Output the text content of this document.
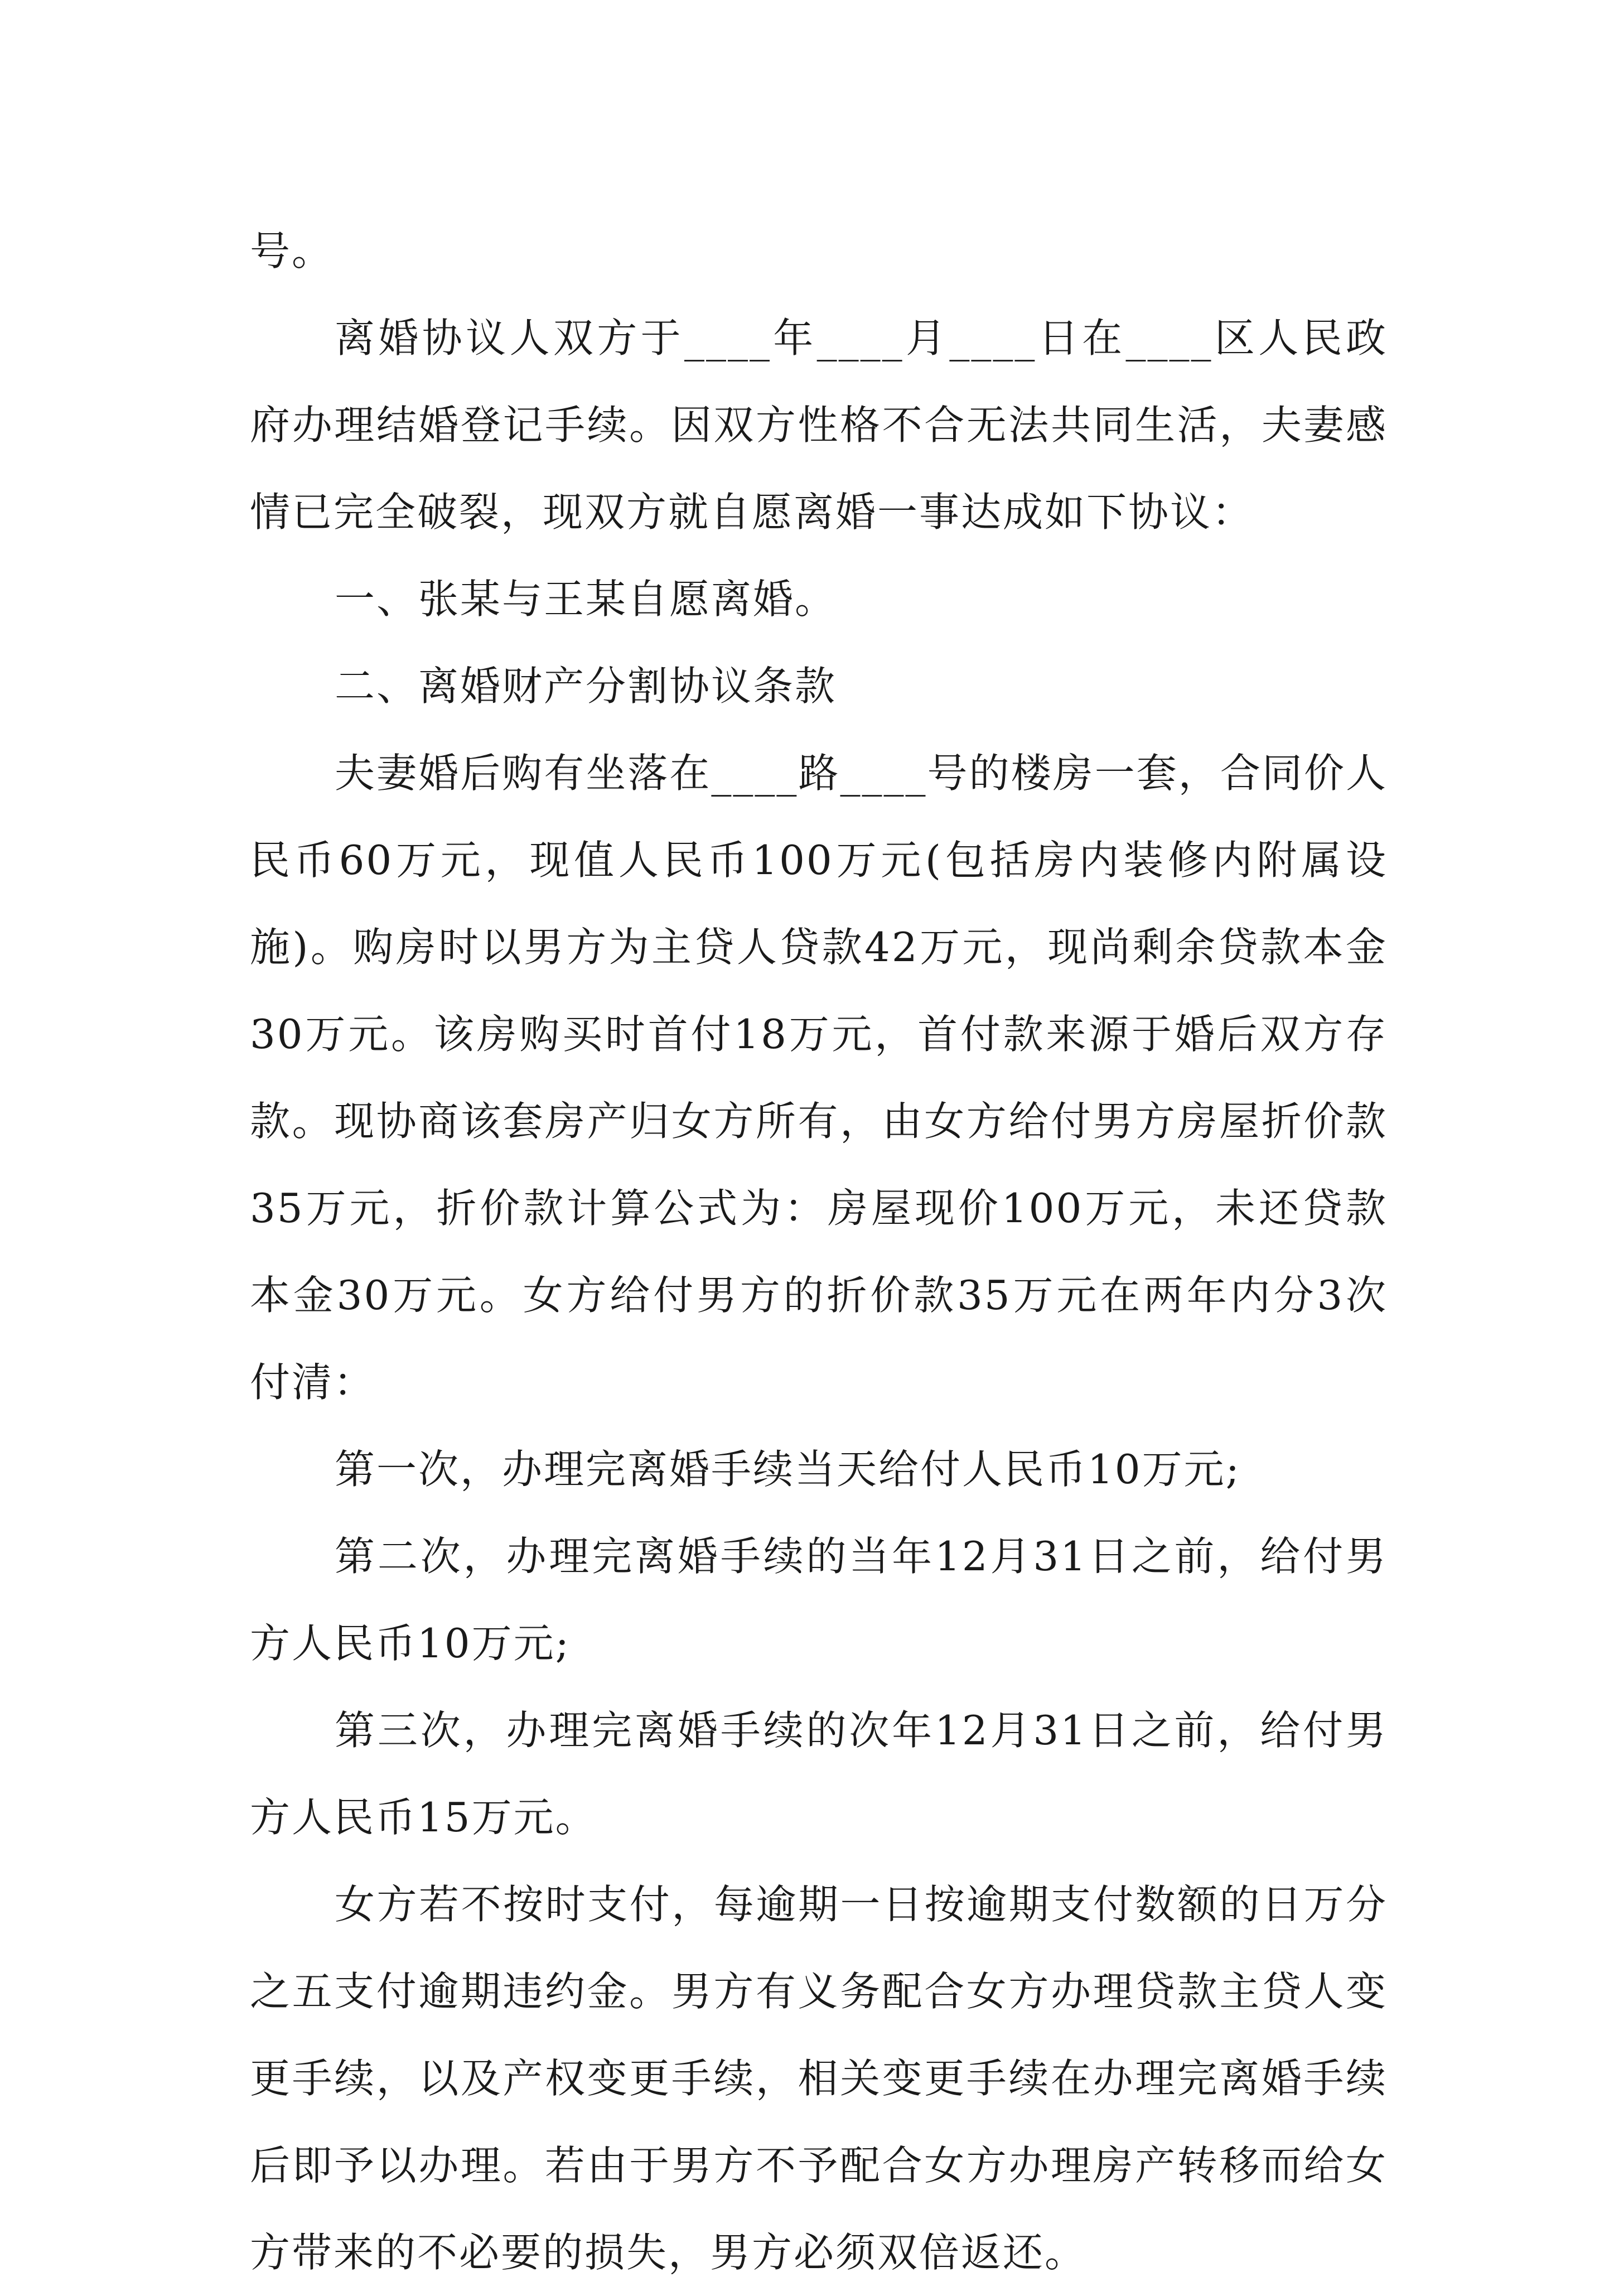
号。

离婚协议人双方于____年____月____日在____区人民政府办理结婚登记手续。因双方性格不合无法共同生活，夫妻感情已完全破裂，现双方就自愿离婚一事达成如下协议：

一、张某与王某自愿离婚。

二、离婚财产分割协议条款

夫妻婚后购有坐落在____路____号的楼房一套，合同价人民币60万元，现值人民币100万元(包括房内装修内附属设施)。购房时以男方为主贷人贷款42万元，现尚剩余贷款本金30万元。该房购买时首付18万元，首付款来源于婚后双方存款。现协商该套房产归女方所有，由女方给付男方房屋折价款35万元，折价款计算公式为：房屋现价100万元，未还贷款本金30万元。女方给付男方的折价款35万元在两年内分3次付清：

第一次，办理完离婚手续当天给付人民币10万元;

第二次，办理完离婚手续的当年12月31日之前，给付男方人民币10万元;

第三次，办理完离婚手续的次年12月31日之前，给付男方人民币15万元。

女方若不按时支付，每逾期一日按逾期支付数额的日万分之五支付逾期违约金。男方有义务配合女方办理贷款主贷人变更手续，以及产权变更手续，相关变更手续在办理完离婚手续后即予以办理。若由于男方不予配合女方办理房产转移而给女方带来的不必要的损失，男方必须双倍返还。
